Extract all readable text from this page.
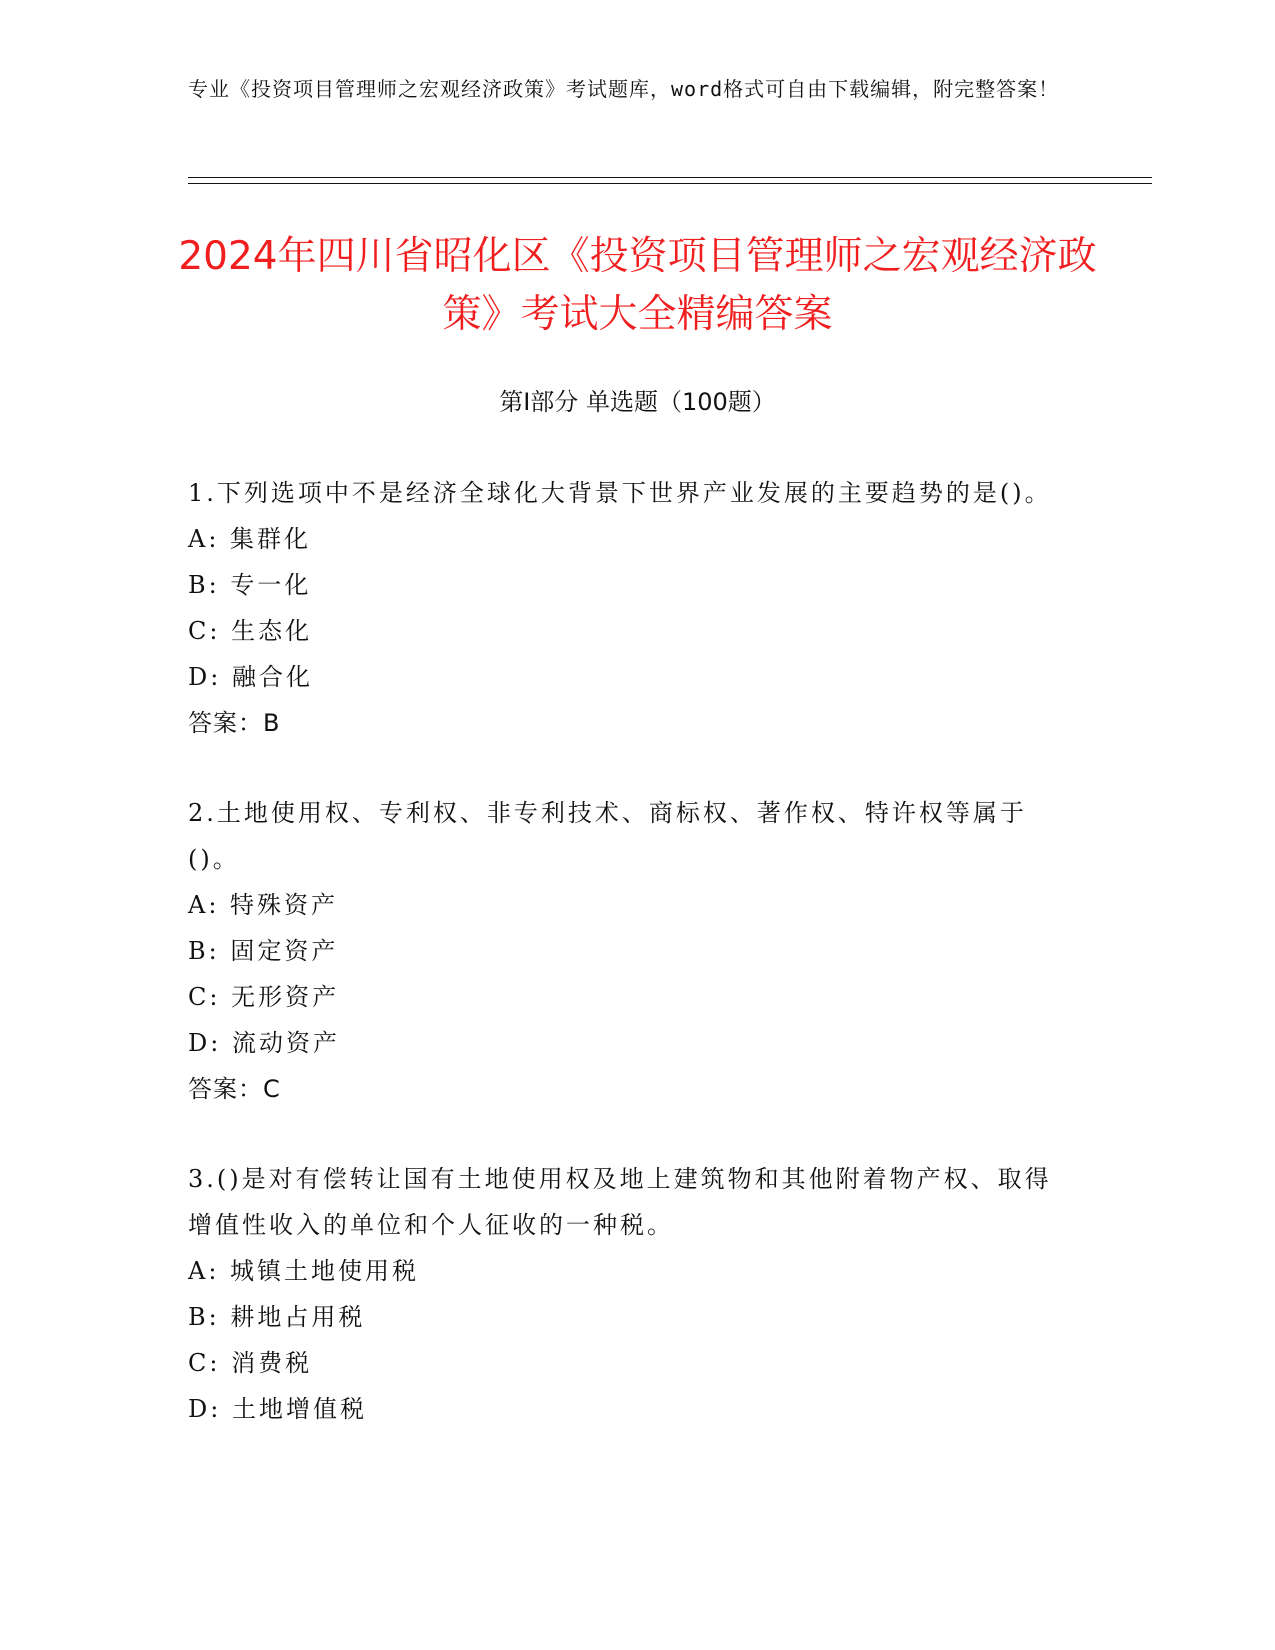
专业《投资项目管理师之宏观经济政策》考试题库，word格式可自由下载编辑，附完整答案！
2024年四川省昭化区《投资项目管理师之宏观经济政策》考试大全精编答案
第Ⅰ部分 单选题（100题）

1.下列选项中不是经济全球化大背景下世界产业发展的主要趋势的是()。

A: 集群化
B: 专一化
C: 生态化
D: 融合化
答案：B

2.土地使用权、专利权、非专利技术、商标权、著作权、特许权等属于()。

A: 特殊资产
B: 固定资产
C: 无形资产
D: 流动资产
答案：C

3.()是对有偿转让国有土地使用权及地上建筑物和其他附着物产权、取得增值性收入的单位和个人征收的一种税。

A: 城镇土地使用税
B: 耕地占用税
C: 消费税
D: 土地增值税
